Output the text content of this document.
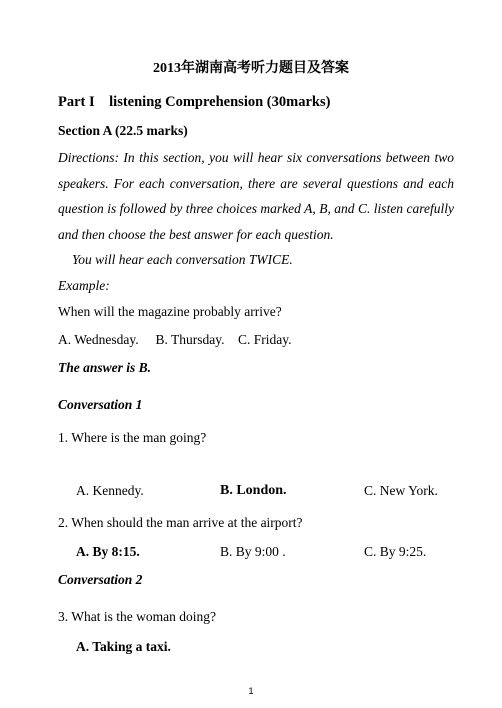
2013年湖南高考听力题目及答案
Part I　listening Comprehension (30marks)
Section A (22.5 marks)
Directions: In this section, you will hear six conversations between two speakers. For each conversation, there are several questions and each question is followed by three choices marked A, B, and C. listen carefully and then choose the best answer for each question.
You will hear each conversation TWICE.
Example:
When will the magazine probably arrive?
A. Wednesday.　 B. Thursday.　C. Friday.
The answer is B.
Conversation 1
1. Where is the man going?
A. Kennedy.	B. London.	C. New York.
2. When should the man arrive at the airport?
A. By 8:15.	B. By 9:00 .	C. By 9:25.
Conversation 2
3. What is the woman doing?
A. Taking a taxi.
1
